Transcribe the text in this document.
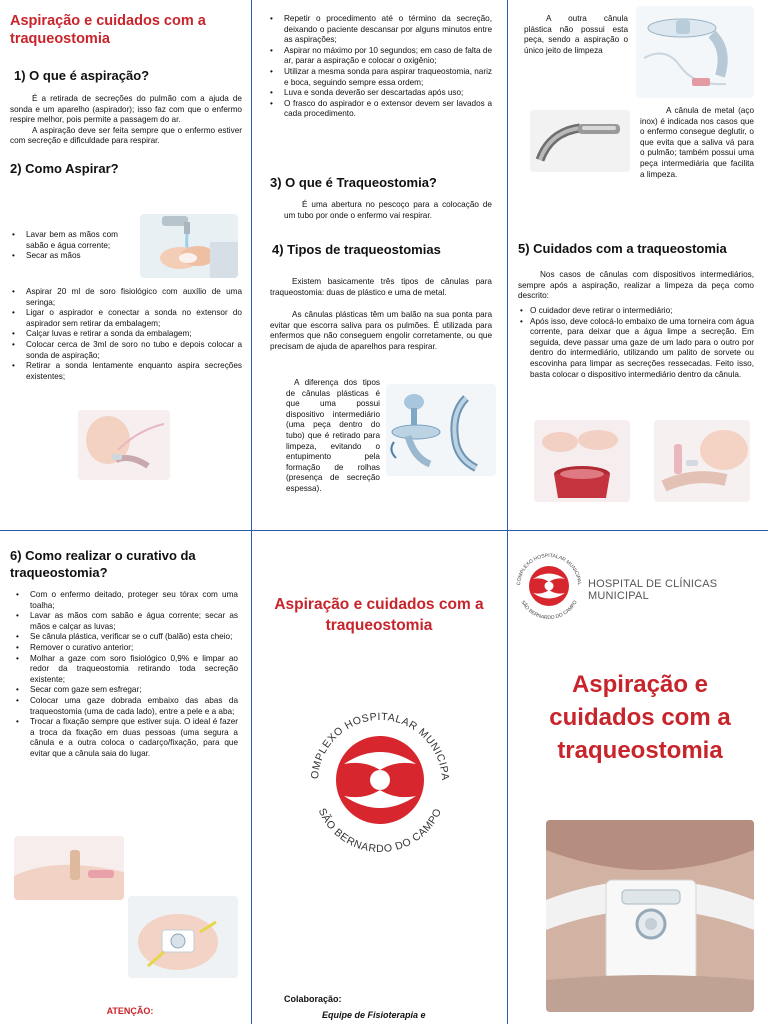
Aspiração e cuidados com a traqueostomia
1) O que é aspiração?

É a retirada de secreções do pulmão com a ajuda de sonda e um aparelho (aspirador); isso faz com que o enfermo respire melhor, pois permite a passagem do ar.

A aspiração deve ser feita sempre que o enfermo estiver com secreção e dificuldade para respirar.

2) Como Aspirar?
• Lavar bem as mãos com sabão e água corrente;
• Secar as mãos
• Aspirar 20 ml de soro fisiológico com auxílio de uma seringa;
• Ligar o aspirador e conectar a sonda no extensor do aspirador sem retirar da embalagem;
• Calçar luvas e retirar a sonda da embalagem;
• Colocar cerca de 3ml de soro no tubo e depois colocar a sonda de aspiração;
• Retirar a sonda lentamente enquanto aspira secreções existentes;
• Repetir o procedimento até o término da secreção, deixando o paciente descansar por alguns minutos entre as aspirações;
• Aspirar no máximo por 10 segundos; em caso de falta de ar, parar a aspiração e colocar o oxigênio;
• Utilizar a mesma sonda para aspirar traqueostomia, nariz e boca, seguindo sempre essa ordem;
• Luva e sonda deverão ser descartadas após uso;
• O frasco do aspirador e o extensor devem ser lavados a cada procedimento.
3) O que é Traqueostomia?

É uma abertura no pescoço para a colocação de um tubo por onde o enfermo vai respirar.

4) Tipos de traqueostomias

Existem basicamente três tipos de cânulas para traqueostomia: duas de plástico e uma de metal.

As cânulas plásticas têm um balão na sua ponta para evitar que escorra saliva para os pulmões. É utilizada para enfermos que não conseguem engolir corretamente, ou que precisam de ajuda de aparelhos para respirar.

A diferença dos tipos de cânulas plásticas é que uma possui dispositivo intermediário (uma peça dentro do tubo) que é retirado para limpeza, evitando o entupimento pela formação de rolhas (presença de secreção espessa).

A outra cânula plástica não possui esta peça, sendo a aspiração o único jeito de limpeza

A cânula de metal (aço inox) é indicada nos casos que o enfermo consegue deglutir, o que evita que a saliva vá para o pulmão; também possui uma peça intermediária que facilita a limpeza.

5) Cuidados com a traqueostomia

Nos casos de cânulas com dispositivos intermediários, sempre após a aspiração, realizar a limpeza da peça como descrito:

• O cuidador deve retirar o intermediário;
• Após isso, deve colocá-lo embaixo de uma torneira com água corrente, para deixar que a água limpe a secreção. Em seguida, deve passar uma gaze de um lado para o outro por dentro do intermediário, utilizando um palito de sorvete ou escovinha para limpar as secreções ressecadas. Feito isso, basta colocar o dispositivo intermediário dentro da cânula.
6) Como realizar o curativo da traqueostomia?
• Com o enfermo deitado, proteger seu tórax com uma toalha;
• Lavar as mãos com sabão e água corrente; secar as mãos e calçar as luvas;
• Se cânula plástica, verificar se o cuff (balão) esta cheio;
• Remover o curativo anterior;
• Molhar a gaze com soro fisiológico 0,9% e limpar ao redor da traqueostomia retirando toda secreção existente;
• Secar com gaze sem esfregar;
• Colocar uma gaze dobrada embaixo das abas da traqueostomia (uma de cada lado), entre a pele e a aba;
• Trocar a fixação sempre que estiver suja. O ideal é fazer a troca da fixação em duas pessoas (uma segura a cânula e a outra coloca o cadarço/fixação, para que evitar que a cânula saia do lugar.
ATENÇÃO:
Aspiração e cuidados com a traqueostomia
OMPLEXO HOSPITALAR MUNICIPA
SÃO BERNARDO DO CAMPO
Colaboração:
Equipe de Fisioterapia e
COMPLEXO HOSPITALAR MUNICIPAL
SÃO BERNARDO DO CAMPO
HOSPITAL DE CLÍNICAS MUNICIPAL
Aspiração e
cuidados com a
traqueostomia
